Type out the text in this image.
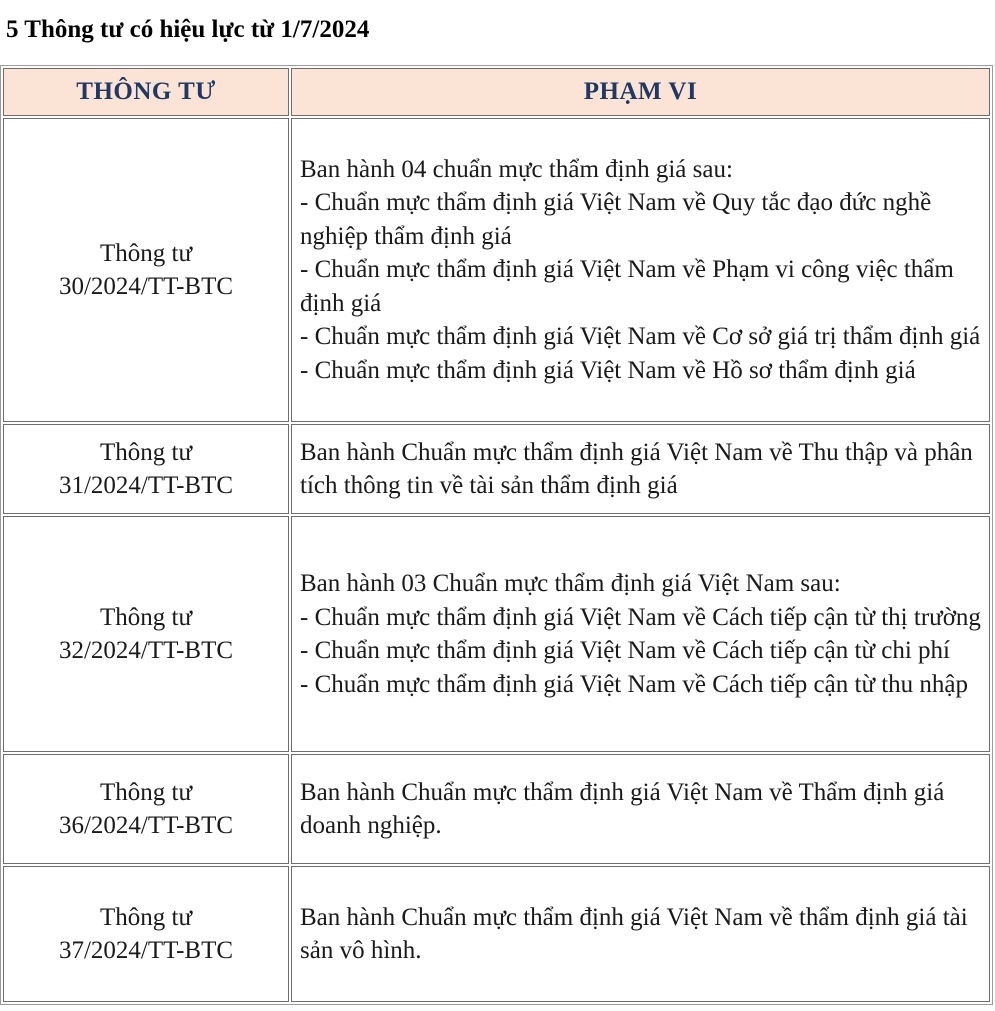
5 Thông tư có hiệu lực từ 1/7/2024
THÔNG TƯ	PHẠM VI

Thông tư
30/2024/TT-BTC	Ban hành 04 chuẩn mực thẩm định giá sau:
- Chuẩn mực thẩm định giá Việt Nam về Quy tắc đạo đức nghề nghiệp thẩm định giá
- Chuẩn mực thẩm định giá Việt Nam về Phạm vi công việc thẩm định giá
- Chuẩn mực thẩm định giá Việt Nam về Cơ sở giá trị thẩm định giá
- Chuẩn mực thẩm định giá Việt Nam về Hồ sơ thẩm định giá

Thông tư
31/2024/TT-BTC	Ban hành Chuẩn mực thẩm định giá Việt Nam về Thu thập và phân tích thông tin về tài sản thẩm định giá

Thông tư
32/2024/TT-BTC	Ban hành 03 Chuẩn mực thẩm định giá Việt Nam sau:
- Chuẩn mực thẩm định giá Việt Nam về Cách tiếp cận từ thị trường
- Chuẩn mực thẩm định giá Việt Nam về Cách tiếp cận từ chi phí
- Chuẩn mực thẩm định giá Việt Nam về Cách tiếp cận từ thu nhập

Thông tư
36/2024/TT-BTC	Ban hành Chuẩn mực thẩm định giá Việt Nam về Thẩm định giá doanh nghiệp.

Thông tư
37/2024/TT-BTC	Ban hành Chuẩn mực thẩm định giá Việt Nam về thẩm định giá tài sản vô hình.
